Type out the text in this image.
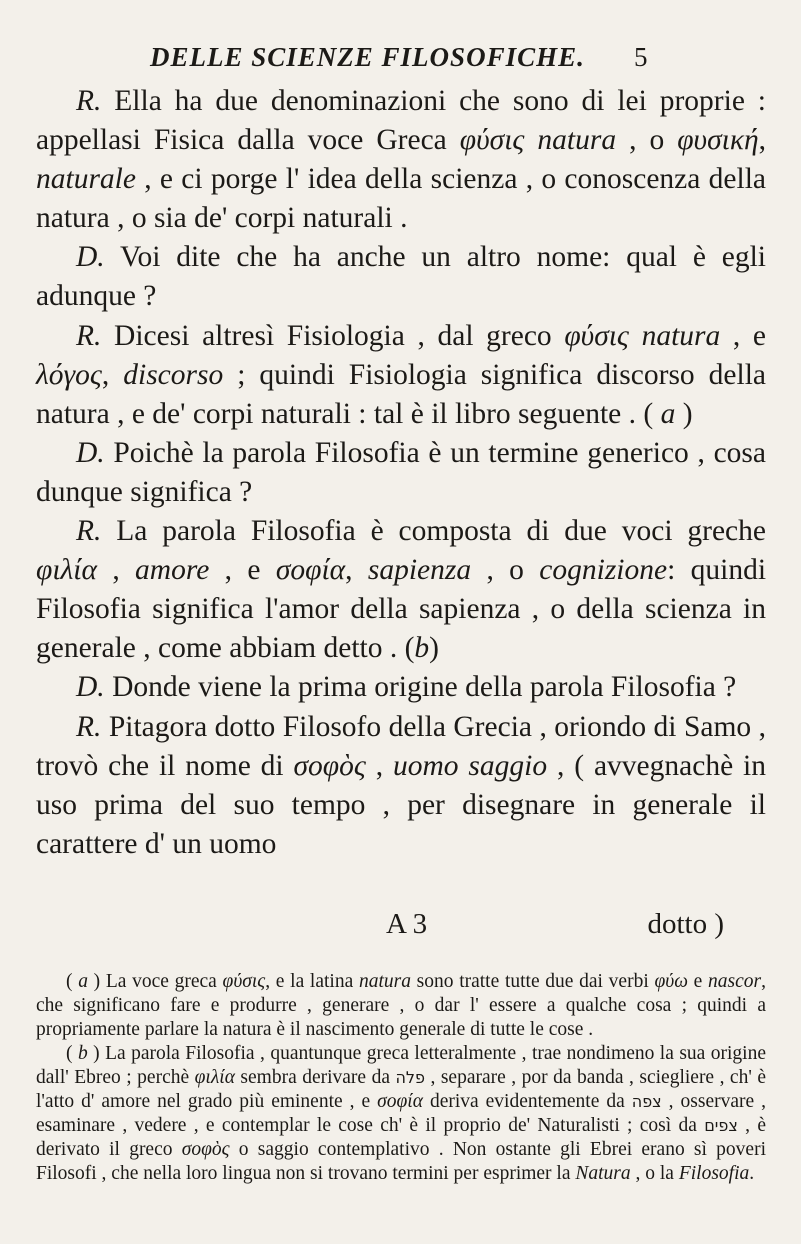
DELLE SCIENZE FILOSOFICHE. 5

R. Ella ha due denominazioni che sono di lei proprie : appellasi Fisica dalla voce Greca φύσις natura , o φυσική, naturale , e ci porge l' idea della scienza , o conoscenza della natura , o sia de' corpi naturali .

D. Voi dite che ha anche un altro nome: qual è egli adunque ?

R. Dicesi altresì Fisiologia , dal greco φύσις natura , e λόγος, discorso ; quindi Fisiologia significa discorso della natura , e de' corpi naturali : tal è il libro seguente . ( a )

D. Poichè la parola Filosofia è un termine generico , cosa dunque significa ?

R. La parola Filosofia è composta di due voci greche φιλία , amore , e σοφία, sapienza , o cognizione: quindi Filosofia significa l'amor della sapienza , o della scienza in generale , come abbiam detto . (b)

D. Donde viene la prima origine della parola Filosofia ?

R. Pitagora dotto Filosofo della Grecia , oriondo di Samo , trovò che il nome di σοφὸς , uomo saggio , ( avvegnachè in uso prima del suo tempo , per disegnare in generale il carattere d' un uomo

A 3	dotto )

( a ) La voce greca φύσις, e la latina natura sono tratte tutte due dai verbi φύω e nascor, che significano fare e produrre , generare , o dar l' essere a qualche cosa ; quindi a propriamente parlare la natura è il nascimento generale di tutte le cose .

( b ) La parola Filosofia , quantunque greca letteralmente , trae nondimeno la sua origine dall' Ebreo ; perchè φιλία sembra derivare da פלה , separare , por da banda , sciegliere , ch' è l'atto d' amore nel grado più eminente , e σοφία deriva evidentemente da צפה , osservare , esaminare , vedere , e contemplar le cose ch' è il proprio de' Naturalisti ; così da צפים , è derivato il greco σοφὸς o saggio contemplativo . Non ostante gli Ebrei erano sì poveri Filosofi , che nella loro lingua non si trovano termini per esprimer la Natura , o la Filosofia.
